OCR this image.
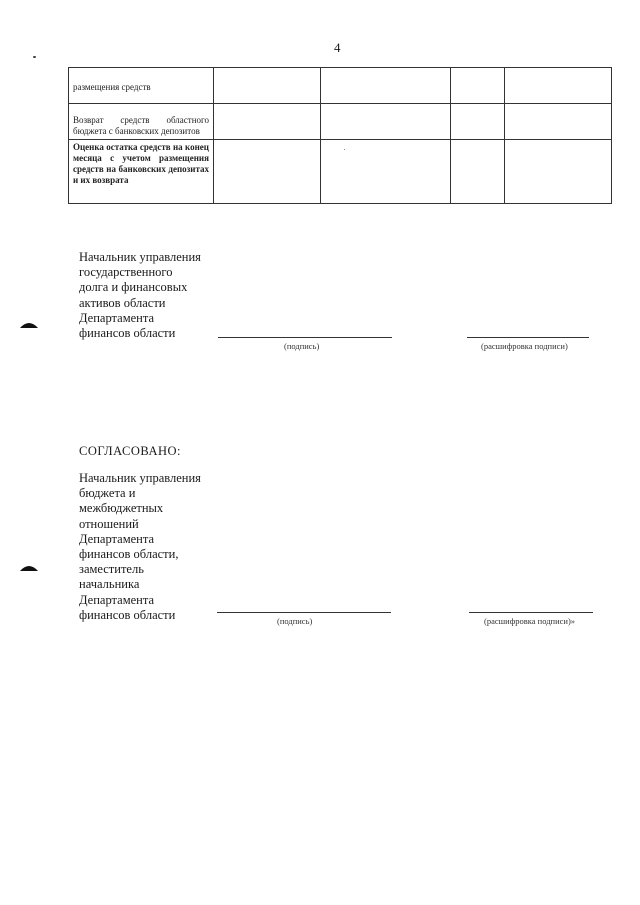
4
размещения средств				
Возврат средств областного бюджета с банковских депозитов				
Оценка остатка средств на конец месяца с учетом размещения средств на банковских депозитах и их возврата				
Начальник управления
государственного
долга и финансовых
активов области
Департамента
финансов области
(подпись)	(расшифровка подписи)
СОГЛАСОВАНО:
Начальник управления
бюджета и
межбюджетных
отношений
Департамента
финансов области,
заместитель
начальника
Департамента
финансов области	(подпись)	(расшифровка подписи)»
